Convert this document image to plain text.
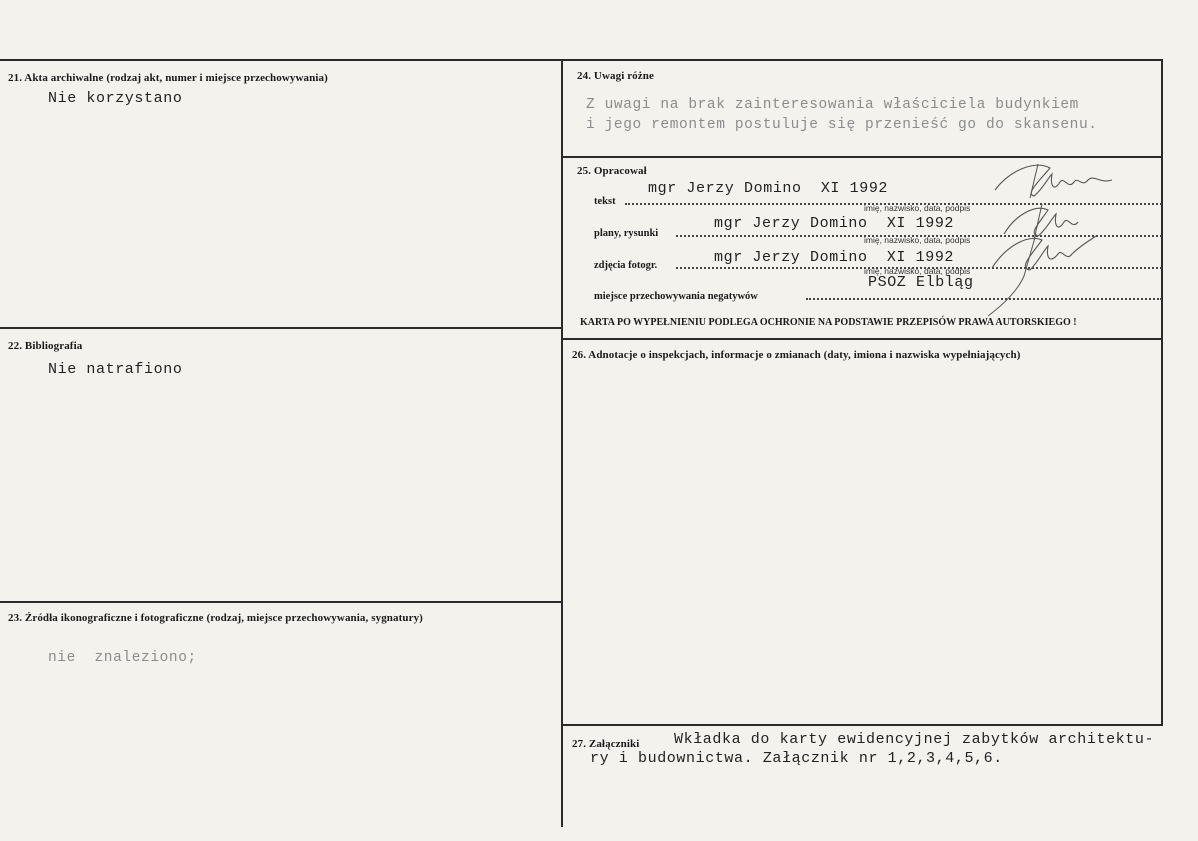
21. Akta archiwalne (rodzaj akt, numer i miejsce przechowywania)
Nie korzystano
22. Bibliografia
Nie natrafiono
23. Źródła ikonograficzne i fotograficzne (rodzaj, miejsce przechowywania, sygnatury)
nie  znaleziono;
24. Uwagi różne
Z uwagi na brak zainteresowania właściciela budynkiem
i jego remontem postuluje się przenieść go do skansenu.
25. Opracował
tekst
mgr Jerzy Domino  XI 1992
imię, nazwisko, data, podpis
plany, rysunki
mgr Jerzy Domino  XI 1992
imię, nazwisko, data, podpis
zdjęcia fotogr.	mgr Jerzy Domino  XI 1992
imię, nazwisko, data, podpis
miejsce przechowywania negatywów
PSOZ Elbląg
KARTA PO WYPEŁNIENIU PODLEGA OCHRONIE NA PODSTAWIE PRZEPISÓW PRAWA AUTORSKIEGO !
26. Adnotacje o inspekcjach, informacje o zmianach (daty, imiona i nazwiska wypełniających)
27. Załączniki Wkładka do karty ewidencyjnej zabytków architektu-
ry i budownictwa. Załącznik nr 1,2,3,4,5,6.
